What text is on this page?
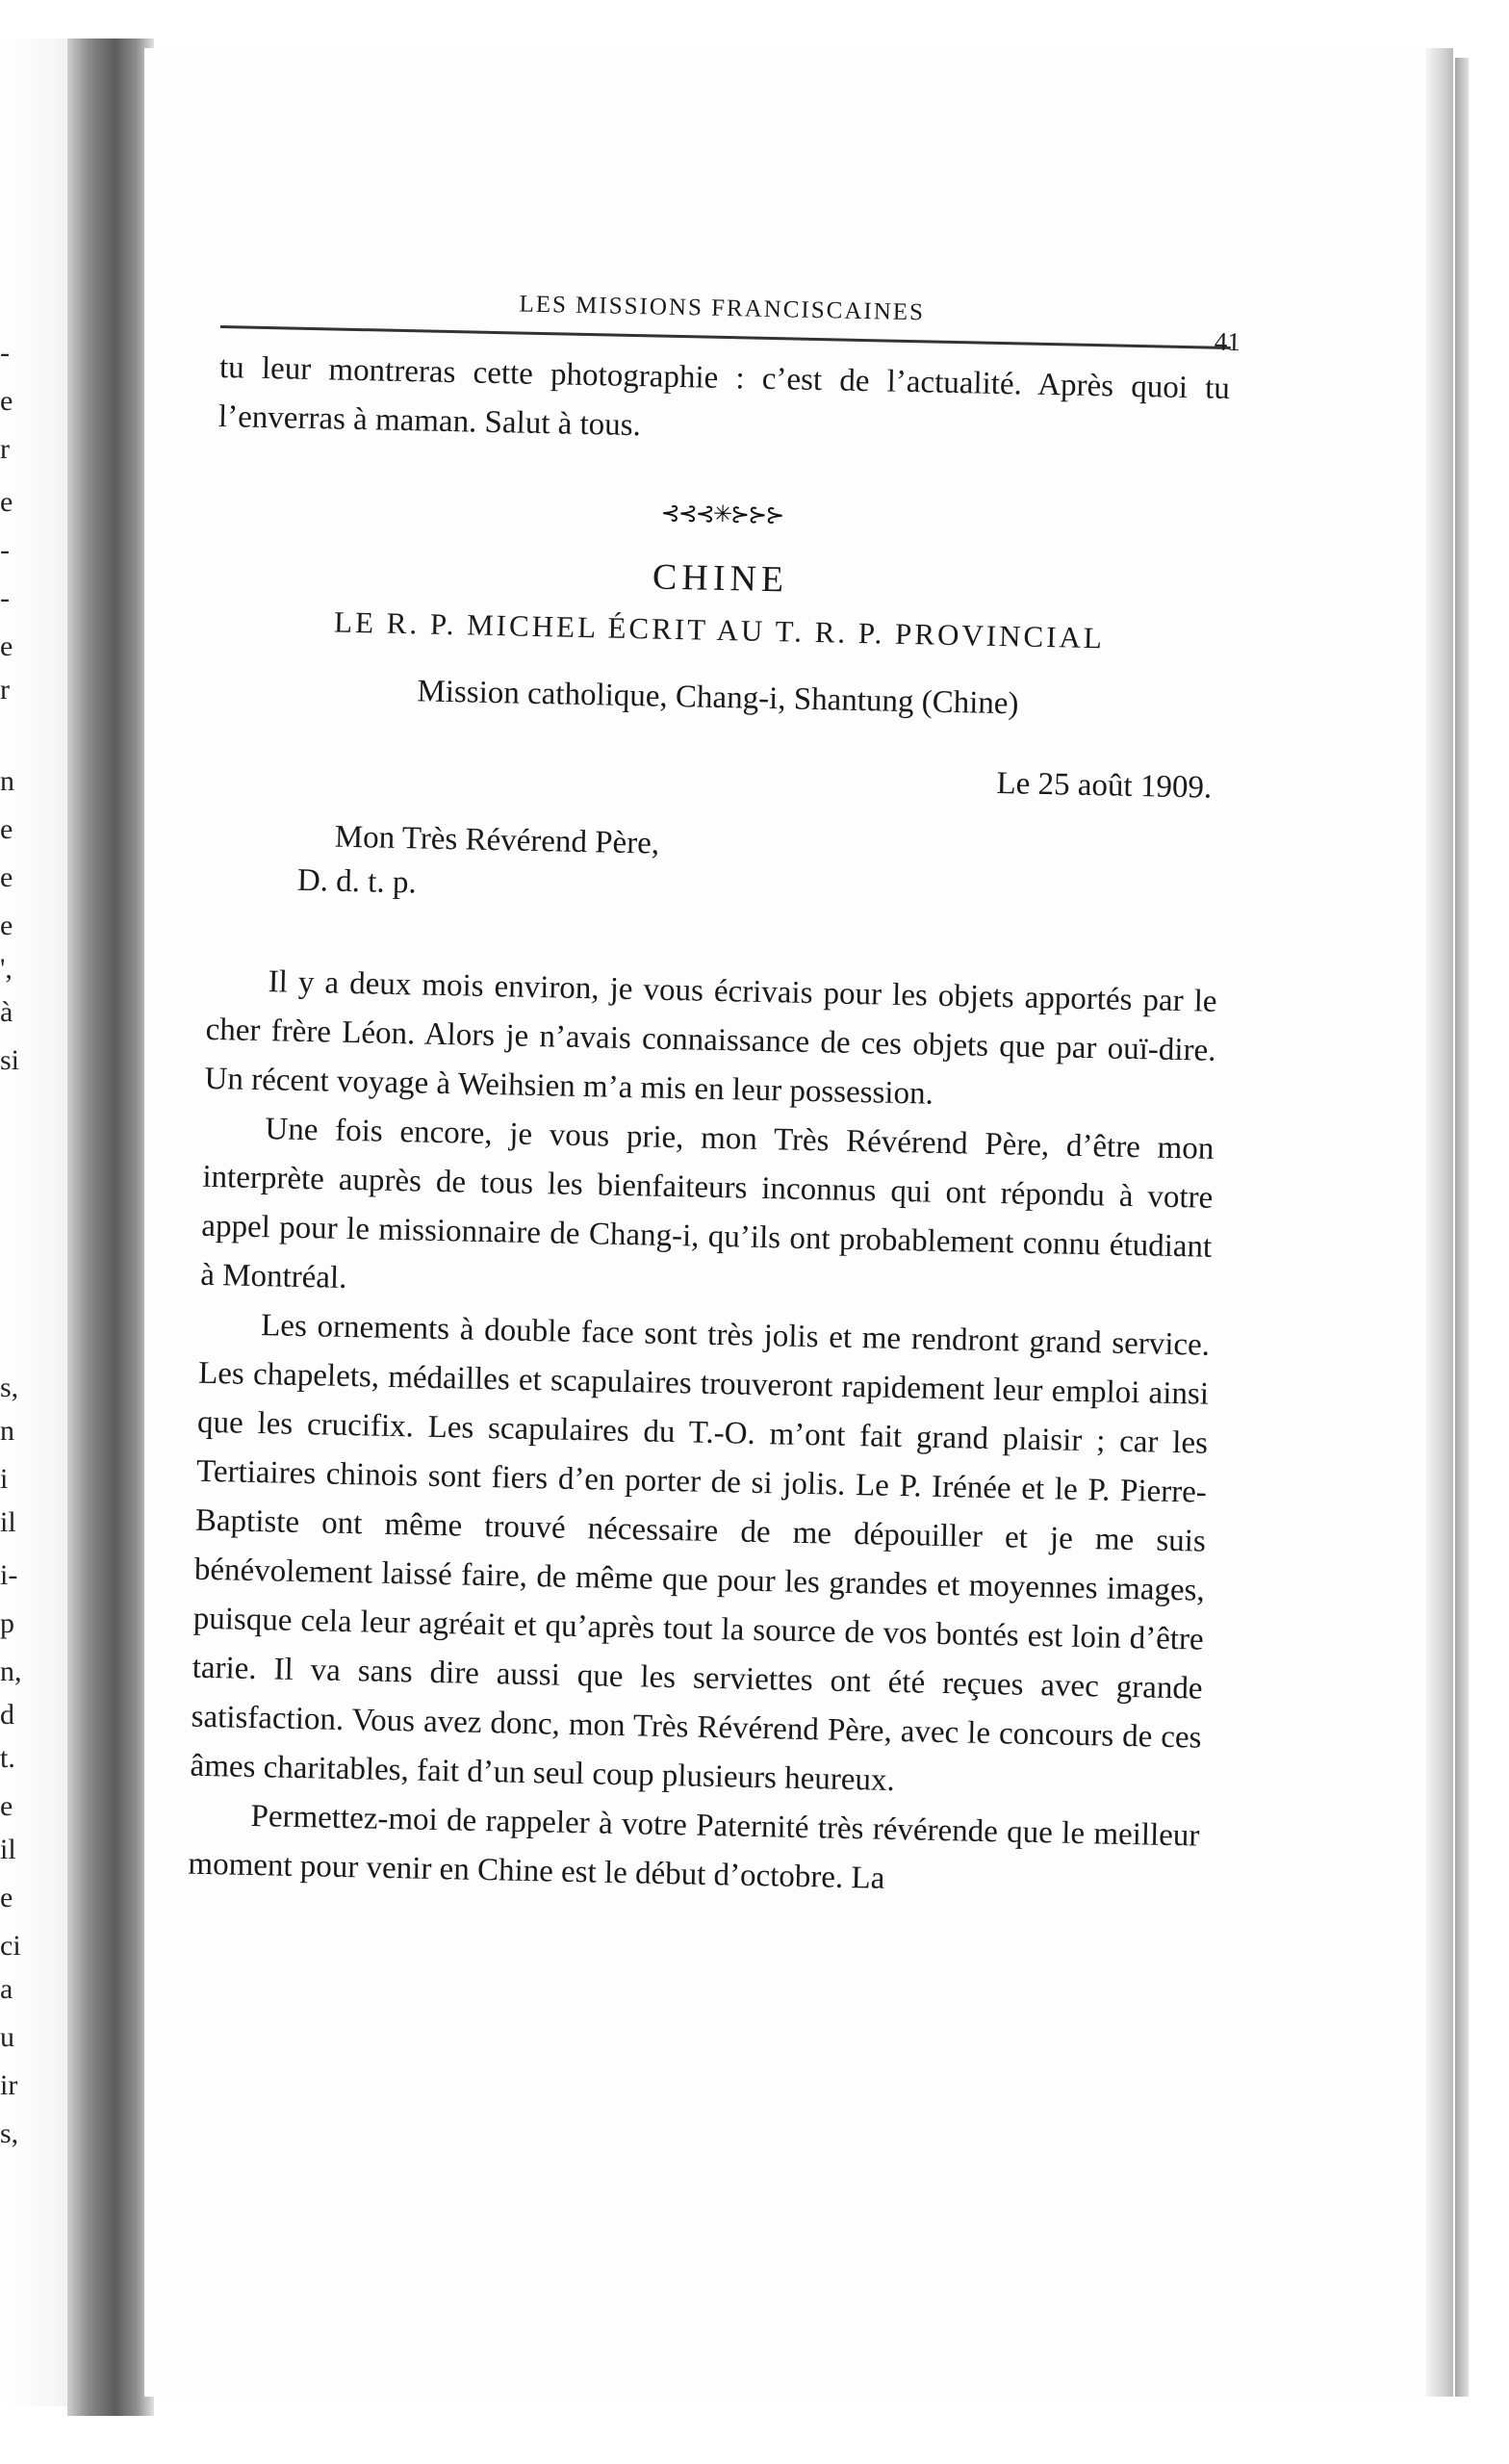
-
e
r
e
-
-
e
r
n
e
e
e
',
à
si
s,
n
i
il
i-
p
n,
d
t.
e
il
e
ci
a
u
ir
s,
LES MISSIONS FRANCISCAINES
41

tu leur montreras cette photographie : c’est de l’actualité. Après quoi tu l’enverras à maman. Salut à tous.

⊰⊰⊰✳⊱⊱⊱
CHINE
LE R. P. MICHEL ÉCRIT AU T. R. P. PROVINCIAL
Mission catholique, Chang-i, Shantung (Chine)
Le 25 août 1909.
Mon Très Révérend Père,
D. d. t. p.

Il y a deux mois environ, je vous écrivais pour les objets apportés par le cher frère Léon. Alors je n’avais connaissance de ces objets que par ouï-dire. Un récent voyage à Weihsien m’a mis en leur possession.

Une fois encore, je vous prie, mon Très Révérend Père, d’être mon interprète auprès de tous les bienfaiteurs inconnus qui ont répondu à votre appel pour le missionnaire de Chang-i, qu’ils ont probablement connu étudiant à Montréal.

Les ornements à double face sont très jolis et me rendront grand service. Les chapelets, médailles et scapulaires trouveront rapidement leur emploi ainsi que les crucifix. Les scapulaires du T.-O. m’ont fait grand plaisir ; car les Tertiaires chinois sont fiers d’en porter de si jolis. Le P. Irénée et le P. Pierre-Baptiste ont même trouvé nécessaire de me dépouiller et je me suis bénévolement laissé faire, de même que pour les grandes et moyennes images, puisque cela leur agréait et qu’après tout la source de vos bontés est loin d’être tarie. Il va sans dire aussi que les serviettes ont été reçues avec grande satisfaction. Vous avez donc, mon Très Révérend Père, avec le concours de ces âmes charitables, fait d’un seul coup plusieurs heureux.

Permettez-moi de rappeler à votre Paternité très révérende que le meilleur moment pour venir en Chine est le début d’octobre. La
